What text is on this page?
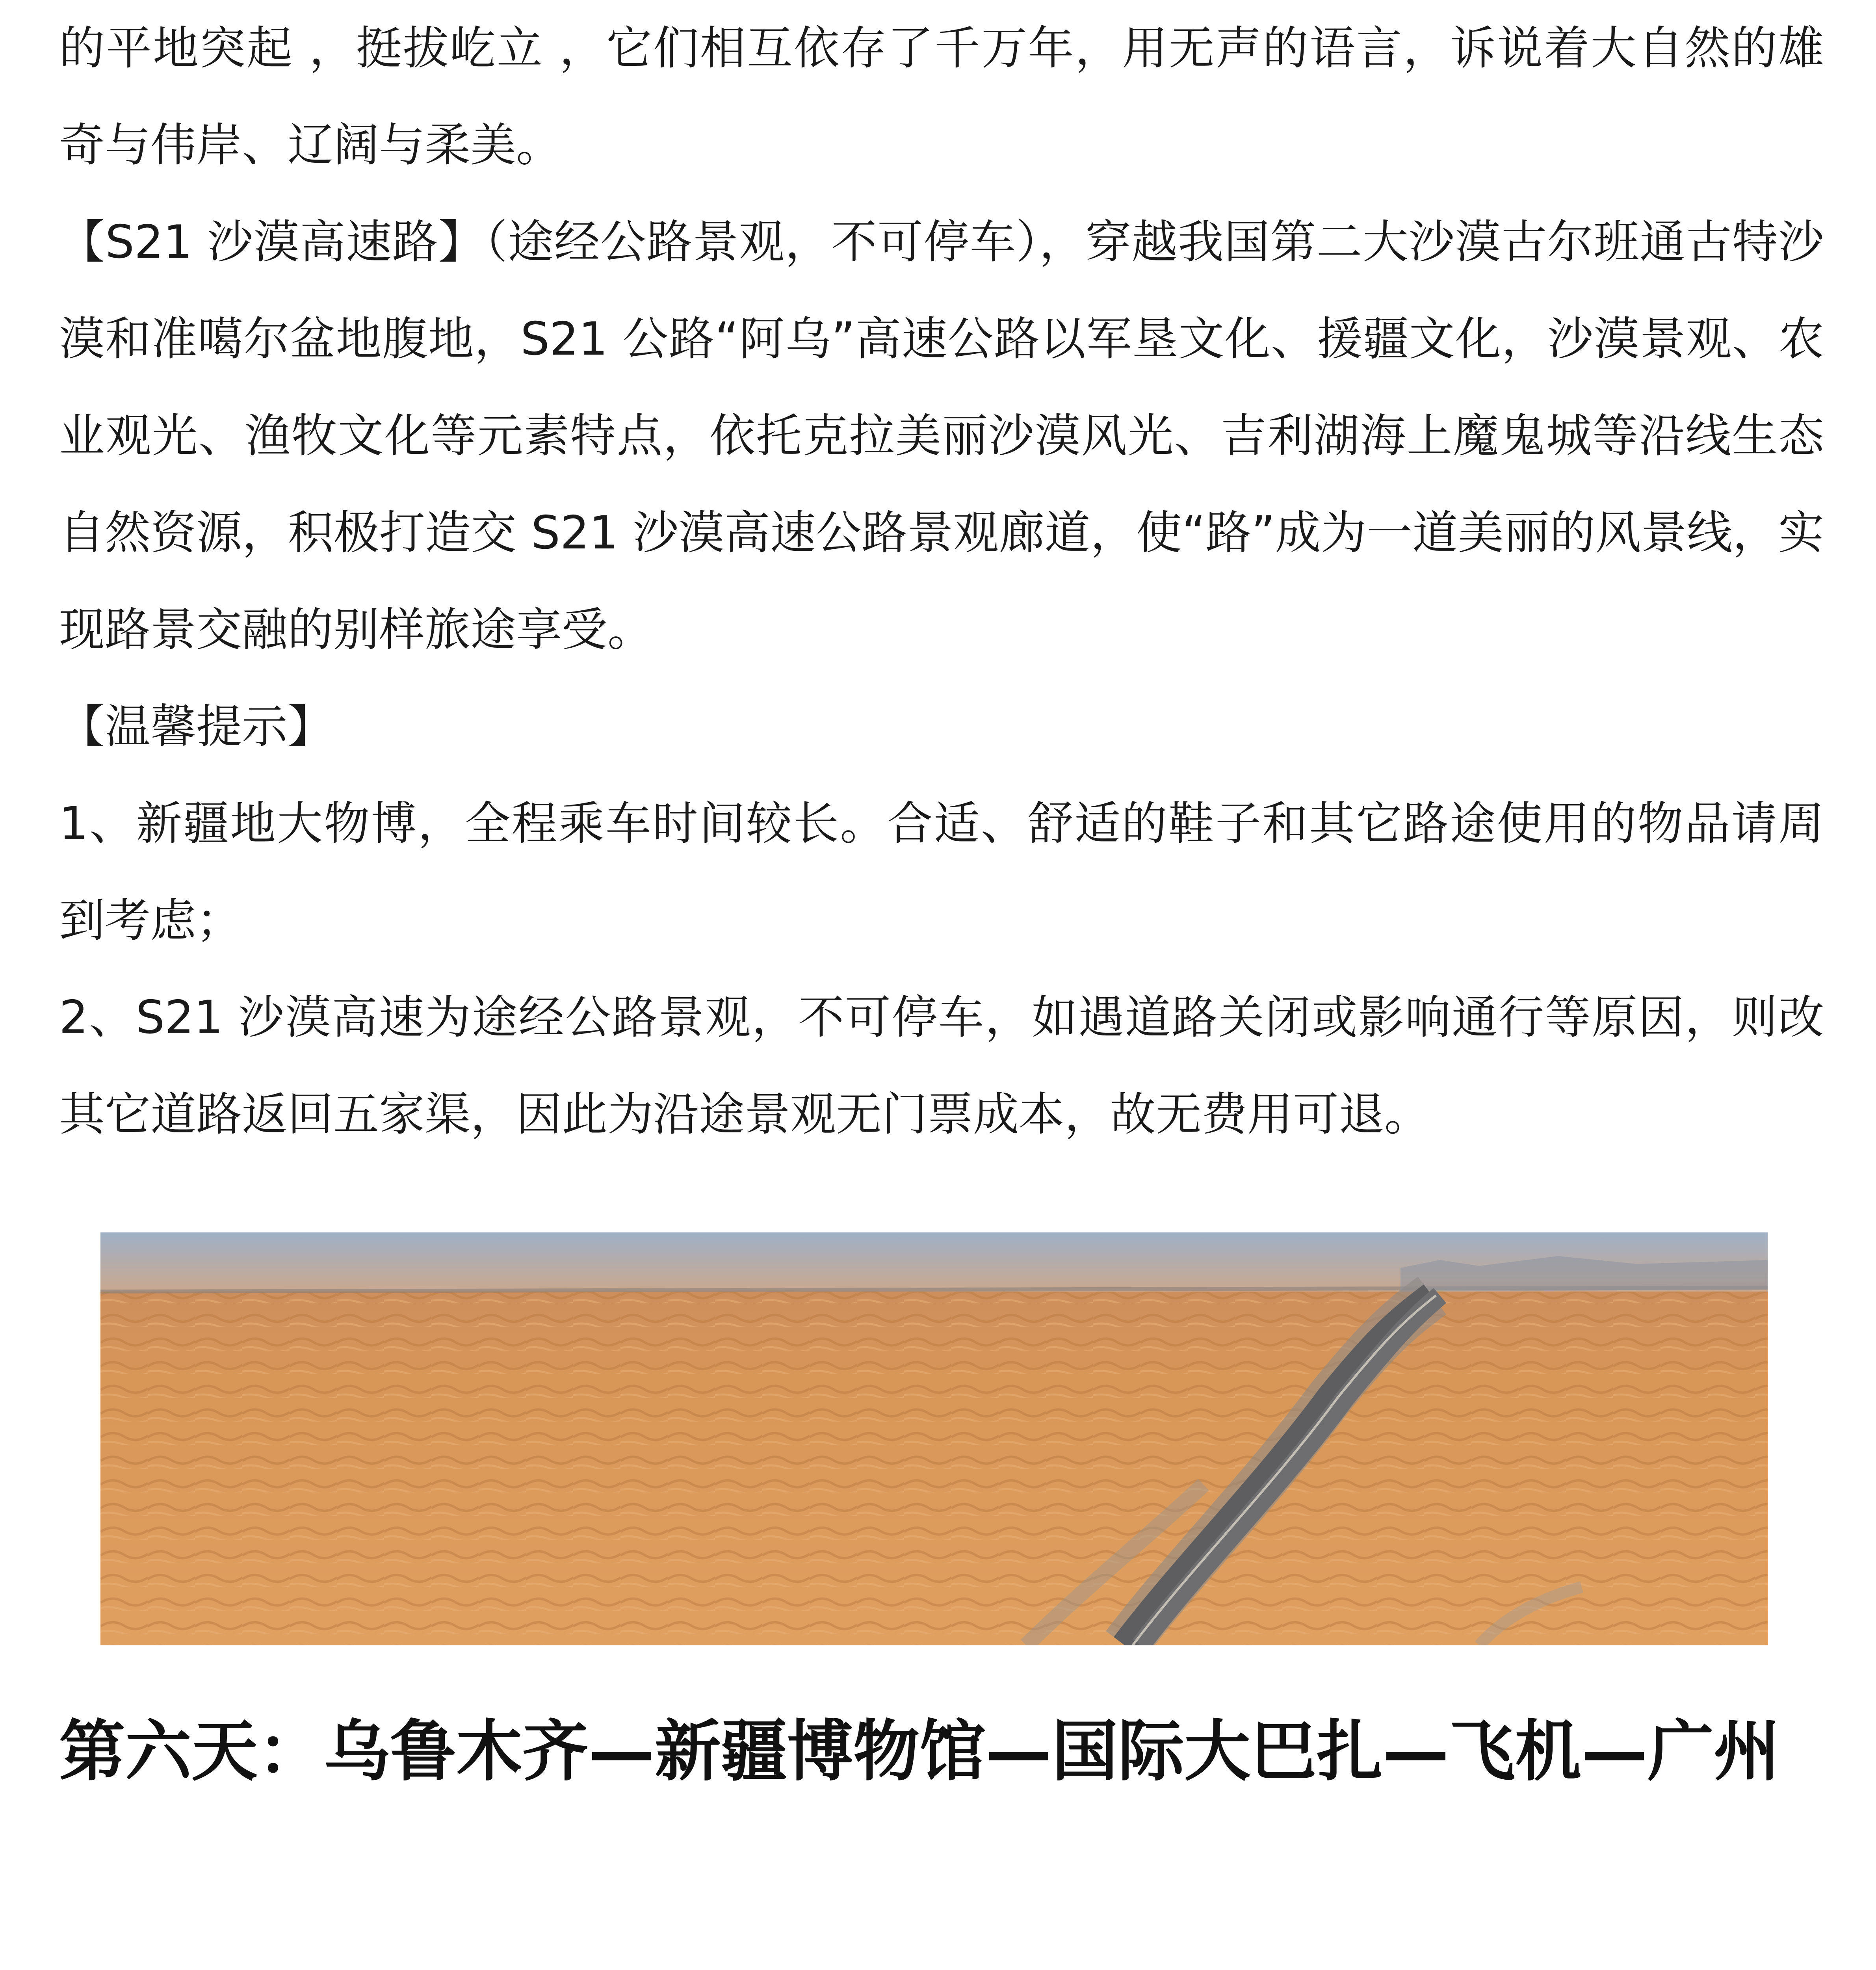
的平地突起 ，挺拔屹立 ，它们相互依存了千万年，用无声的语言，诉说着大自然的雄奇与伟岸、辽阔与柔美。

【S21 沙漠高速路】（途经公路景观，不可停车），穿越我国第二大沙漠古尔班通古特沙漠和准噶尔盆地腹地，S21 公路“阿乌”高速公路以军垦文化、援疆文化，沙漠景观、农业观光、渔牧文化等元素特点，依托克拉美丽沙漠风光、吉利湖海上魔鬼城等沿线生态自然资源，积极打造交 S21 沙漠高速公路景观廊道，使“路”成为一道美丽的风景线，实现路景交融的别样旅途享受。

【温馨提示】

1、新疆地大物博，全程乘车时间较长。合适、舒适的鞋子和其它路途使用的物品请周到考虑；

2、S21 沙漠高速为途经公路景观，不可停车，如遇道路关闭或影响通行等原因，则改其它道路返回五家渠，因此为沿途景观无门票成本，故无费用可退。

第六天：乌鲁木齐—新疆博物馆—国际大巴扎—飞机—广州
